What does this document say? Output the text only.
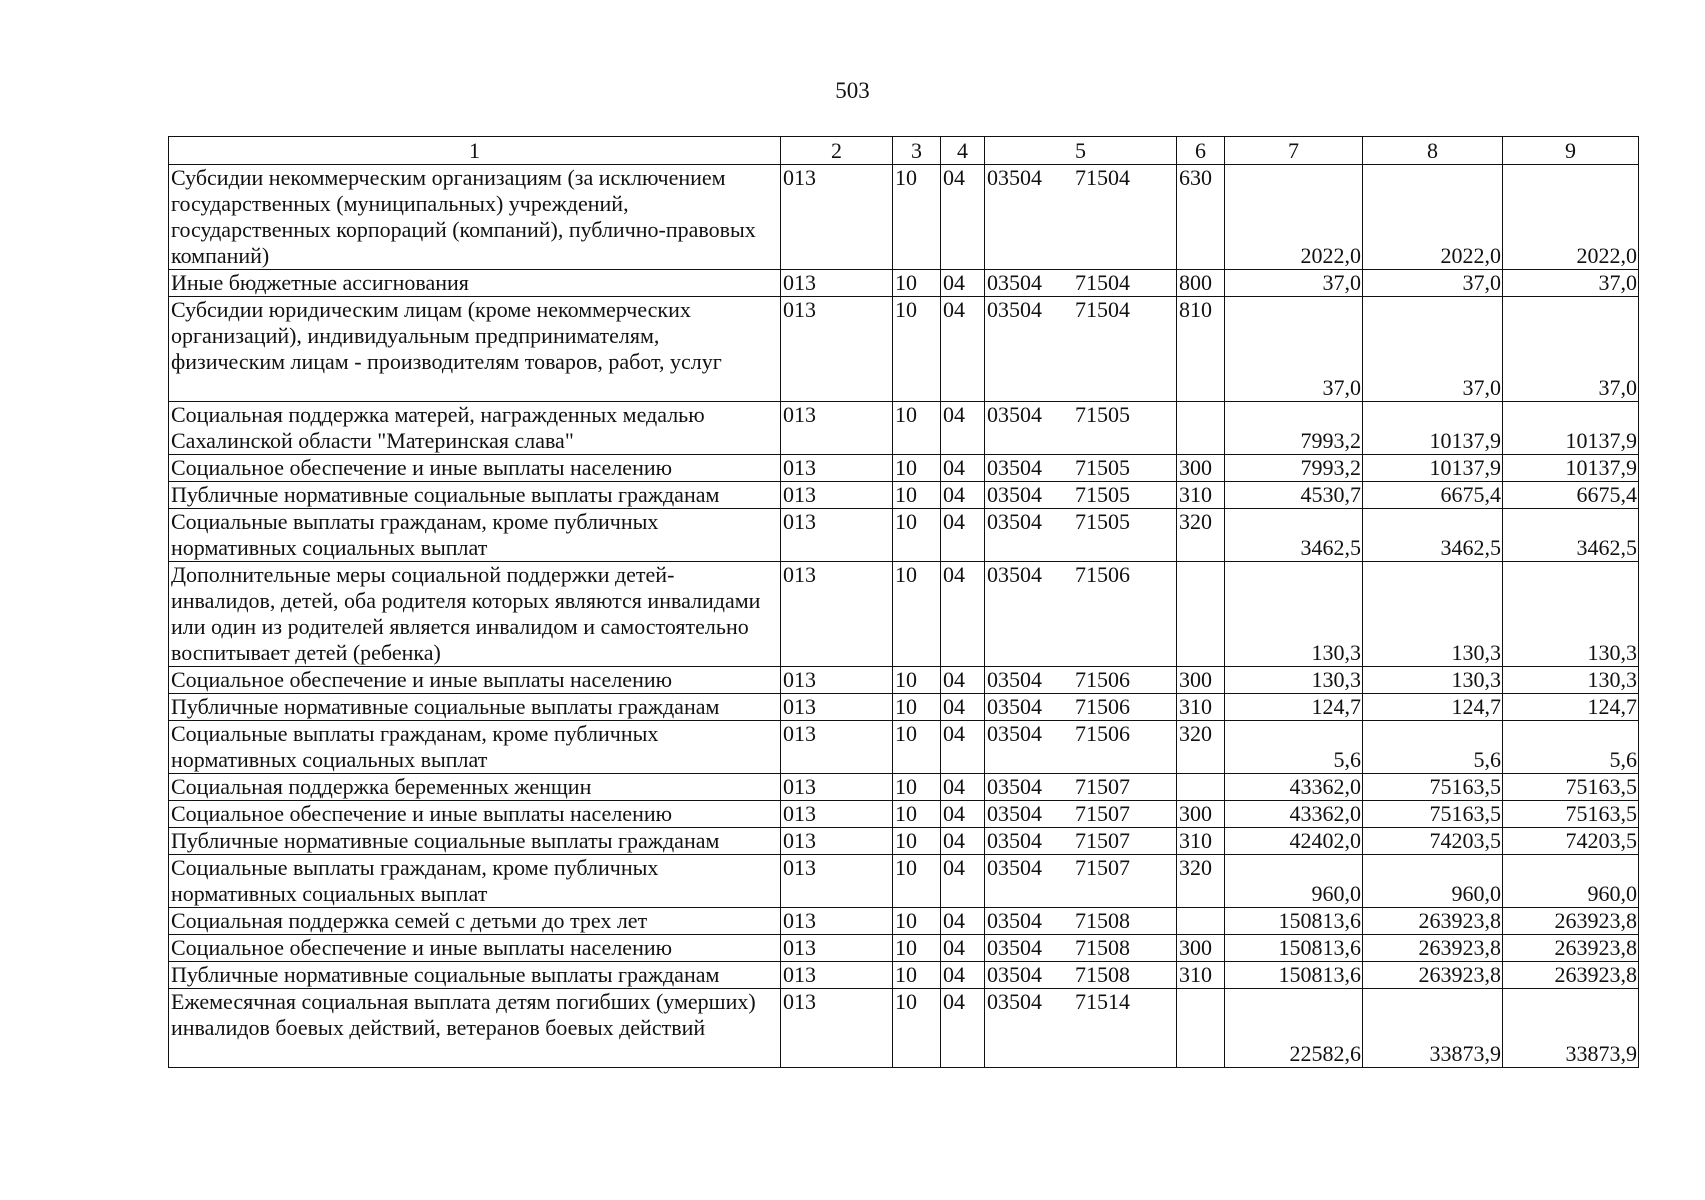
503
1	2	3	4	5	6	7	8	9
Субсидии некоммерческим организациям (за исключением государственных (муниципальных) учреждений, государственных корпораций (компаний), публично-правовых компаний)	013	10	04	03504 71504	630	2022,0	2022,0	2022,0
Иные бюджетные ассигнования	013	10	04	03504 71504	800	37,0	37,0	37,0
Субсидии юридическим лицам (кроме некоммерческих организаций), индивидуальным предпринимателям, физическим лицам - производителям товаров, работ, услуг	013	10	04	03504 71504	810	37,0	37,0	37,0
Социальная поддержка матерей, награжденных медалью Сахалинской области "Материнская слава"	013	10	04	03504 71505		7993,2	10137,9	10137,9
Социальное обеспечение и иные выплаты населению	013	10	04	03504 71505	300	7993,2	10137,9	10137,9
Публичные нормативные социальные выплаты гражданам	013	10	04	03504 71505	310	4530,7	6675,4	6675,4
Социальные выплаты гражданам, кроме публичных нормативных социальных выплат	013	10	04	03504 71505	320	3462,5	3462,5	3462,5
Дополнительные меры социальной поддержки детей-инвалидов, детей, оба родителя которых являются инвалидами или один из родителей является инвалидом и самостоятельно воспитывает детей (ребенка)	013	10	04	03504 71506		130,3	130,3	130,3
Социальное обеспечение и иные выплаты населению	013	10	04	03504 71506	300	130,3	130,3	130,3
Публичные нормативные социальные выплаты гражданам	013	10	04	03504 71506	310	124,7	124,7	124,7
Социальные выплаты гражданам, кроме публичных нормативных социальных выплат	013	10	04	03504 71506	320	5,6	5,6	5,6
Социальная поддержка беременных женщин	013	10	04	03504 71507		43362,0	75163,5	75163,5
Социальное обеспечение и иные выплаты населению	013	10	04	03504 71507	300	43362,0	75163,5	75163,5
Публичные нормативные социальные выплаты гражданам	013	10	04	03504 71507	310	42402,0	74203,5	74203,5
Социальные выплаты гражданам, кроме публичных нормативных социальных выплат	013	10	04	03504 71507	320	960,0	960,0	960,0
Социальная поддержка семей с детьми до трех лет	013	10	04	03504 71508		150813,6	263923,8	263923,8
Социальное обеспечение и иные выплаты населению	013	10	04	03504 71508	300	150813,6	263923,8	263923,8
Публичные нормативные социальные выплаты гражданам	013	10	04	03504 71508	310	150813,6	263923,8	263923,8
Ежемесячная социальная выплата детям погибших (умерших) инвалидов боевых действий, ветеранов боевых действий	013	10	04	03504 71514		22582,6	33873,9	33873,9
